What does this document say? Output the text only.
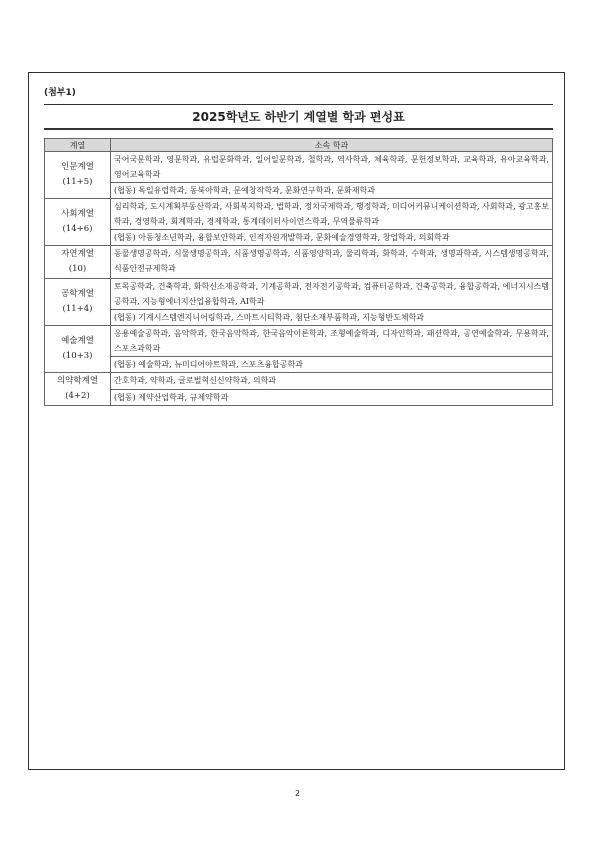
(첨부1)
2025학년도 하반기 계열별 학과 편성표
계열	소속 학과

인문계열
(11+5)	국어국문학과, 영문학과, 유럽문화학과, 일어일문학과, 철학과, 역사학과, 체육학과, 문헌정보학과, 교육학과, 유아교육학과, 영어교육학과
	(협동) 독일유럽학과, 동북아학과, 문예창작학과, 문화연구학과, 문화재학과

사회계열
(14+6)	심리학과, 도시계획부동산학과, 사회복지학과, 법학과, 정치국제학과, 행정학과, 미디어커뮤니케이션학과, 사회학과, 광고홍보학과, 경영학과, 회계학과, 경제학과, 통계데이터사이언스학과, 무역물류학과
	(협동) 아동청소년학과, 융합보안학과, 인적자원개발학과, 문화예술경영학과, 창업학과, 의회학과

자연계열
(10)	동물생명공학과, 식물생명공학과, 식품생명공학과, 식품영양학과, 물리학과, 화학과, 수학과, 생명과학과, 시스템생명공학과, 식품안전규제학과

공학계열
(11+4)	토목공학과, 건축학과, 화학신소재공학과, 기계공학과, 전자전기공학과, 컴퓨터공학과, 건축공학과, 융합공학과, 에너지시스템공학과, 지능형에너지산업융합학과, AI학과
	(협동) 기계시스템엔지니어링학과, 스마트시티학과, 첨단소재부품학과, 지능형반도체학과

예술계열
(10+3)	응용예술공학과, 음악학과, 한국음악학과, 한국음악이론학과, 조형예술학과, 디자인학과, 패션학과, 공연예술학과, 무용학과, 스포츠과학과
	(협동) 예술학과, 뉴미디어아트학과, 스포츠융합공학과

의약학계열
(4+2)	간호학과, 약학과, 글로벌혁신신약학과, 의학과
	(협동) 제약산업학과, 규제약학과
2
